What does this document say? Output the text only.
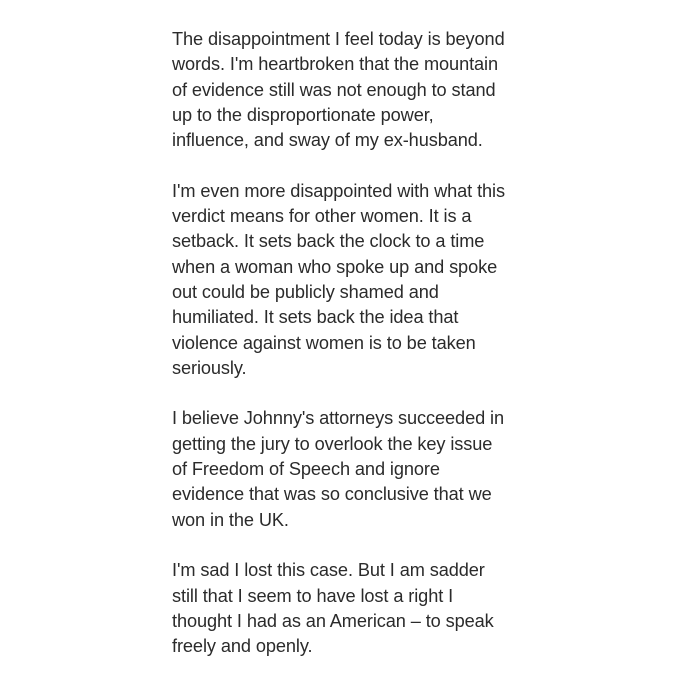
The disappointment I feel today is beyond
words. I'm heartbroken that the mountain
of evidence still was not enough to stand
up to the disproportionate power,
influence, and sway of my ex-husband.

I'm even more disappointed with what this
verdict means for other women. It is a
setback. It sets back the clock to a time
when a woman who spoke up and spoke
out could be publicly shamed and
humiliated. It sets back the idea that
violence against women is to be taken
seriously.

I believe Johnny's attorneys succeeded in
getting the jury to overlook the key issue
of Freedom of Speech and ignore
evidence that was so conclusive that we
won in the UK.

I'm sad I lost this case. But I am sadder
still that I seem to have lost a right I
thought I had as an American – to speak
freely and openly.
